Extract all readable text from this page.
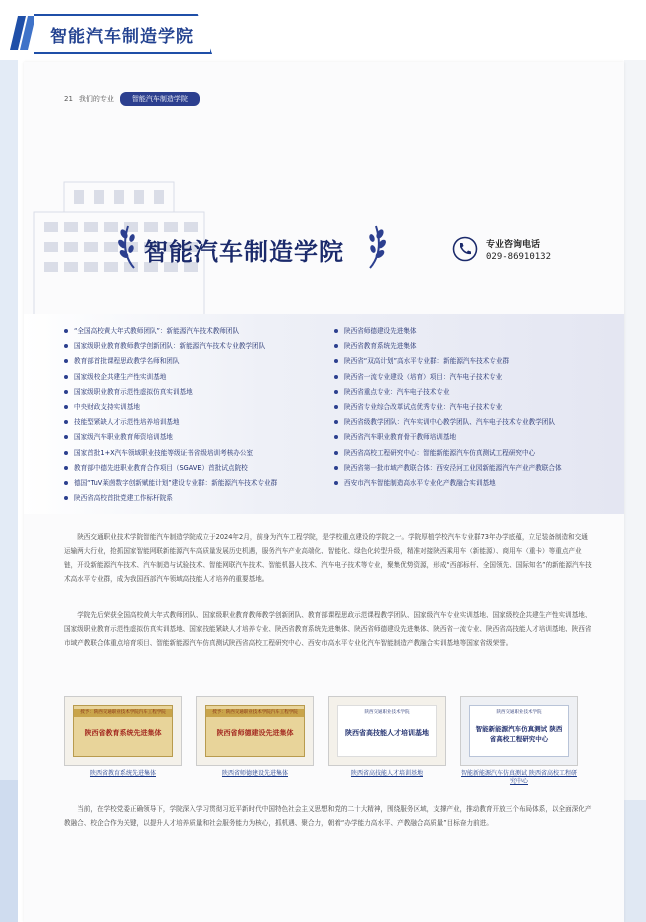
智能汽车制造学院
21 我们的专业	智能汽车制造学院
智能汽车制造学院	专业咨询电话
029-86910132
“全国高校黄大年式教师团队”：新能源汽车技术教师团队
国家级职业教育教师教学创新团队：新能源汽车技术专业教学团队
教育部首批课程思政教学名师和团队
国家级校企共建生产性实训基地
国家级职业教育示范性虚拟仿真实训基地
中央财政支持实训基地
技能型紧缺人才示范性培养培训基地
国家级汽车职业教育师资培训基地
国家首批1+X汽车领域职业技能等级证书省级培训考核办公室
教育部中德先进职业教育合作项目（SGAVE）首批试点院校
德国“TuV莱茵数字创新赋能计划”建设专业群：新能源汽车技术专业群
陕西省高校首批党建工作标杆院系
陕西省师德建设先进集体
陕西省教育系统先进集体
陕西省“双高计划”高水平专业群：新能源汽车技术专业群
陕西省一流专业建设（培育）项目：汽车电子技术专业
陕西省重点专业：汽车电子技术专业
陕西省专业综合改革试点优秀专业：汽车电子技术专业
陕西省级教学团队：汽车实训中心教学团队、汽车电子技术专业教学团队
陕西省汽车职业教育骨干教师培训基地
陕西省高校工程研究中心：智能新能源汽车仿真测试工程研究中心
陕西省第一批市域产教联合体：西安泾河工业园新能源汽车产业产教联合体
西安市汽车智能制造高水平专业化产教融合实训基地
陕西交通职业技术学院智能汽车制造学院成立于2024年2月，前身为汽车工程学院，是学校重点建设的学院之一。学院厚植学校汽车专业群73年办学底蕴，立足装备制造和交通运输两大行业，抢抓国家智能网联新能源汽车高质量发展历史机遇，服务汽车产业高端化、智能化、绿色化转型升级，精准对接陕西乘用车（新能源）、商用车（重卡）等重点产业链，开设新能源汽车技术、汽车制造与试验技术、智能网联汽车技术、智能机器人技术、汽车电子技术等专业，聚集优势资源，形成“西部标杆、全国领先、国际知名”的新能源汽车技术高水平专业群，成为我国西部汽车领域高技能人才培养的重要基地。
学院先后荣获全国高校黄大年式教师团队、国家级职业教育教师教学创新团队、教育部课程思政示范课程教学团队、国家级汽车专业实训基地、国家级校企共建生产性实训基地、国家级职业教育示范性虚拟仿真实训基地、国家技能紧缺人才培养专业、陕西省教育系统先进集体、陕西省师德建设先进集体、陕西省一流专业、陕西省高技能人才培训基地、陕西省市域产教联合体重点培育项目、智能新能源汽车仿真测试陕西省高校工程研究中心、西安市高水平专业化汽车智能制造产教融合实训基地等国家省级荣誉。
授予：陕西交通职业技术学院汽车工程学院
陕西省教育系统先进集体
陕西省教育系统先进集体
授予：陕西交通职业技术学院汽车工程学院
陕西省师德建设先进集体
陕西省师德建设先进集体
陕西交通职业技术学院
陕西省高技能人才培训基地
陕西省高技能人才培训基地
陕西交通职业技术学院
智能新能源汽车仿真测试 陕西省高校工程研究中心
智能新能源汽车仿真测试 陕西省高校工程研究中心
当前，在学校党委正确领导下，学院深入学习贯彻习近平新时代中国特色社会主义思想和党的二十大精神，围绕服务区域，支撑产业，推动教育开放三个布局体系，以全面深化产教融合、校企合作为关键，以提升人才培养质量和社会服务能力为核心，抓机遇、聚合力，朝着“办学能力高水平、产教融合高质量”目标奋力前进。
